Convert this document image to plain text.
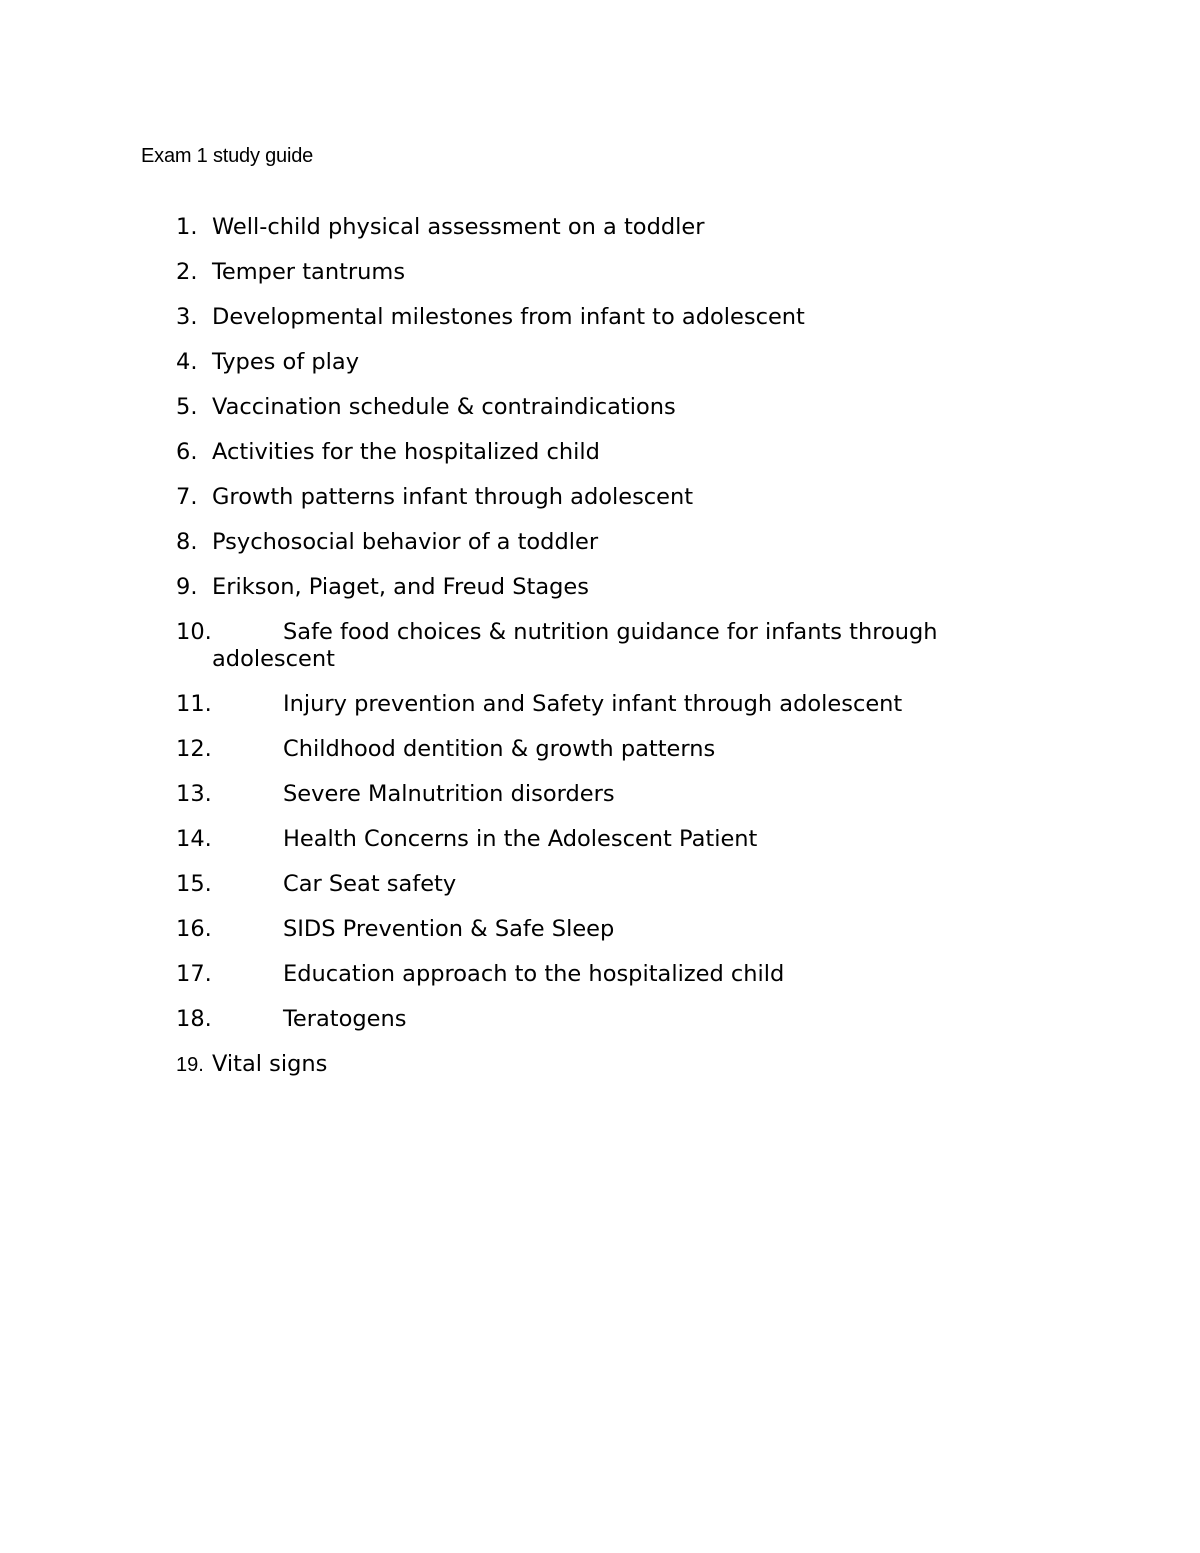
Exam 1 study guide
1. Well-child physical assessment on a toddler
2. Temper tantrums
3. Developmental milestones from infant to adolescent
4. Types of play
5. Vaccination schedule & contraindications
6. Activities for the hospitalized child
7. Growth patterns infant through adolescent
8. Psychosocial behavior of a toddler
9. Erikson, Piaget, and Freud Stages
10.	Safe food choices & nutrition guidance for infants through adolescent
11.	Injury prevention and Safety infant through adolescent
12.	Childhood dentition & growth patterns
13.	Severe Malnutrition disorders
14.	Health Concerns in the Adolescent Patient
15.	Car Seat safety
16.	SIDS Prevention & Safe Sleep
17.	Education approach to the hospitalized child
18.	Teratogens
19. Vital signs
